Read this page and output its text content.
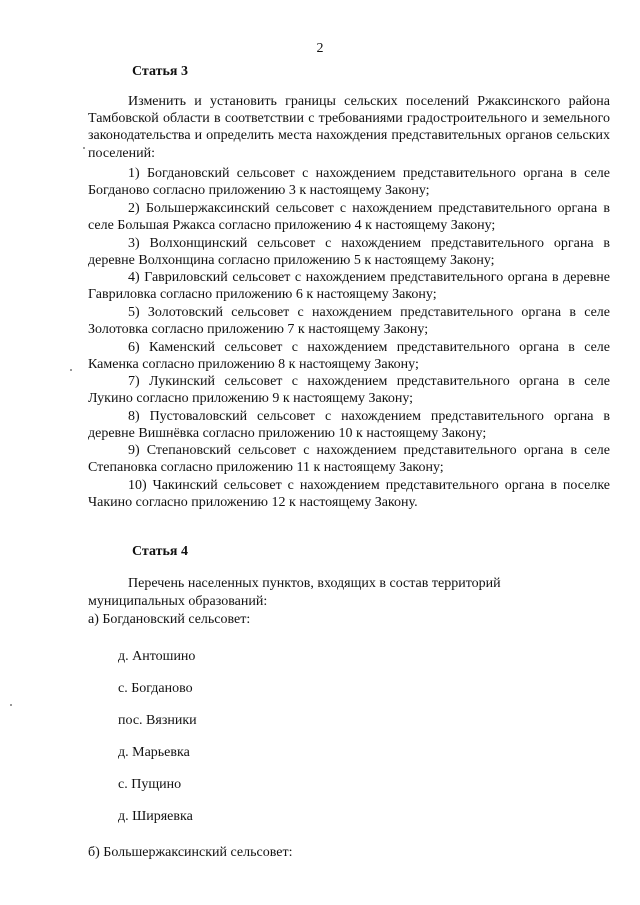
2
Статья 3
Изменить и установить границы сельских поселений Ржаксинского района Тамбовской области в соответствии с требованиями градостроительного и земельного законодательства и определить места нахождения представительных органов сельских поселений:
1) Богдановский сельсовет с нахождением представительного органа в селе Богданово согласно приложению 3 к настоящему Закону;
2) Большержаксинский сельсовет с нахождением представительного органа в селе Большая Ржакса согласно приложению 4 к настоящему Закону;
3) Волхонщинский сельсовет с нахождением представительного органа в деревне Волхонщина согласно приложению 5 к настоящему Закону;
4) Гавриловский сельсовет с нахождением представительного органа в деревне Гавриловка согласно приложению 6 к настоящему Закону;
5) Золотовский сельсовет с нахождением представительного органа в селе Золотовка согласно приложению 7 к настоящему Закону;
6) Каменский сельсовет с нахождением представительного органа в селе Каменка согласно приложению 8 к настоящему Закону;
7) Лукинский сельсовет с нахождением представительного органа в селе Лукино согласно приложению 9 к настоящему Закону;
8) Пустоваловский сельсовет с нахождением представительного органа в деревне Вишнёвка согласно приложению 10 к настоящему Закону;
9) Степановский сельсовет с нахождением представительного органа в селе Степановка согласно приложению 11 к настоящему Закону;
10) Чакинский сельсовет с нахождением представительного органа в поселке Чакино согласно приложению 12 к настоящему Закону.
Статья 4
Перечень населенных пунктов, входящих в состав территорий
муниципальных образований:
а) Богдановский сельсовет:
д. Антошино
с. Богданово
пос. Вязники
д. Марьевка
с. Пущино
д. Ширяевка
б) Большержаксинский сельсовет:
